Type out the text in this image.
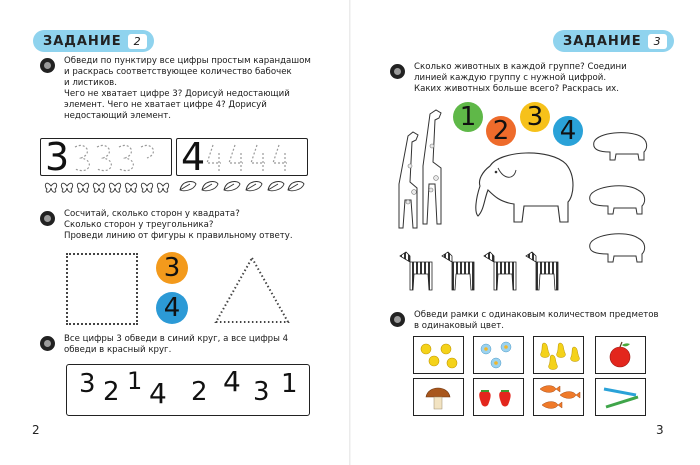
ЗАДАНИЕ	2
Обведи по пунктиру все цифры простым карандашом
и раскрась соответствующее количество бабочек
и листиков.
Чего не хватает цифре 3? Дорисуй недостающий
элемент. Чего не хватает цифре 4? Дорисуй
недостающий элемент.
3	4
Сосчитай, сколько сторон у квадрата?
Сколько сторон у треугольника?
Проведи линию от фигуры к правильному ответу.
3
4
Все цифры 3 обведи в синий круг, а все цифры 4
обведи в красный круг.
3 2 1 4 2 4 3 1
2
ЗАДАНИЕ	3
Сколько животных в каждой группе? Соедини
линией каждую группу с нужной цифрой.
Каких животных больше всего? Раскрась их.
1 2 3 4
Обведи рамки с одинаковым количеством предметов
в одинаковый цвет.
3
